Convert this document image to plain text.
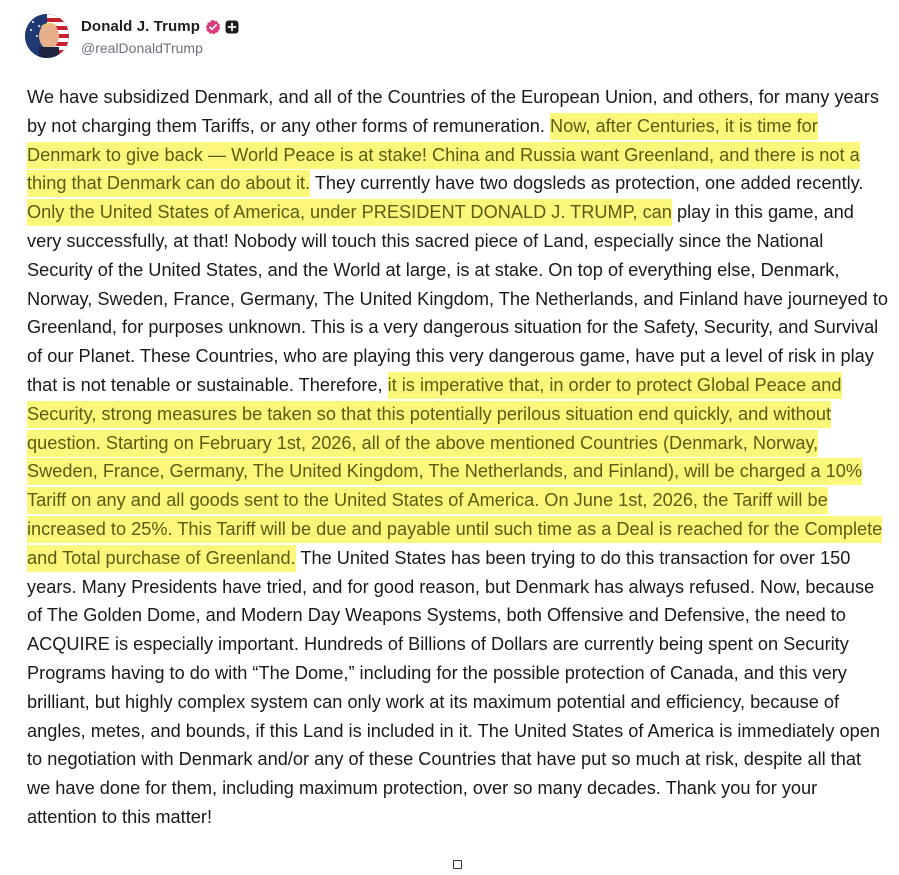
Donald J. Trump
@realDonaldTrump

We have subsidized Denmark, and all of the Countries of the European Union, and others, for many years by not charging them Tariffs, or any other forms of remuneration. Now, after Centuries, it is time for Denmark to give back — World Peace is at stake! China and Russia want Greenland, and there is not a thing that Denmark can do about it. They currently have two dogsleds as protection, one added recently. Only the United States of America, under PRESIDENT DONALD J. TRUMP, can play in this game, and very successfully, at that! Nobody will touch this sacred piece of Land, especially since the National Security of the United States, and the World at large, is at stake. On top of everything else, Denmark, Norway, Sweden, France, Germany, The United Kingdom, The Netherlands, and Finland have journeyed to Greenland, for purposes unknown. This is a very dangerous situation for the Safety, Security, and Survival of our Planet. These Countries, who are playing this very dangerous game, have put a level of risk in play that is not tenable or sustainable. Therefore, it is imperative that, in order to protect Global Peace and Security, strong measures be taken so that this potentially perilous situation end quickly, and without question. Starting on February 1st, 2026, all of the above mentioned Countries (Denmark, Norway, Sweden, France, Germany, The United Kingdom, The Netherlands, and Finland), will be charged a 10% Tariff on any and all goods sent to the United States of America. On June 1st, 2026, the Tariff will be increased to 25%. This Tariff will be due and payable until such time as a Deal is reached for the Complete and Total purchase of Greenland. The United States has been trying to do this transaction for over 150 years. Many Presidents have tried, and for good reason, but Denmark has always refused. Now, because of The Golden Dome, and Modern Day Weapons Systems, both Offensive and Defensive, the need to ACQUIRE is especially important. Hundreds of Billions of Dollars are currently being spent on Security Programs having to do with “The Dome,” including for the possible protection of Canada, and this very brilliant, but highly complex system can only work at its maximum potential and efficiency, because of angles, metes, and bounds, if this Land is included in it. The United States of America is immediately open to negotiation with Denmark and/or any of these Countries that have put so much at risk, despite all that we have done for them, including maximum protection, over so many decades. Thank you for your attention to this matter!
